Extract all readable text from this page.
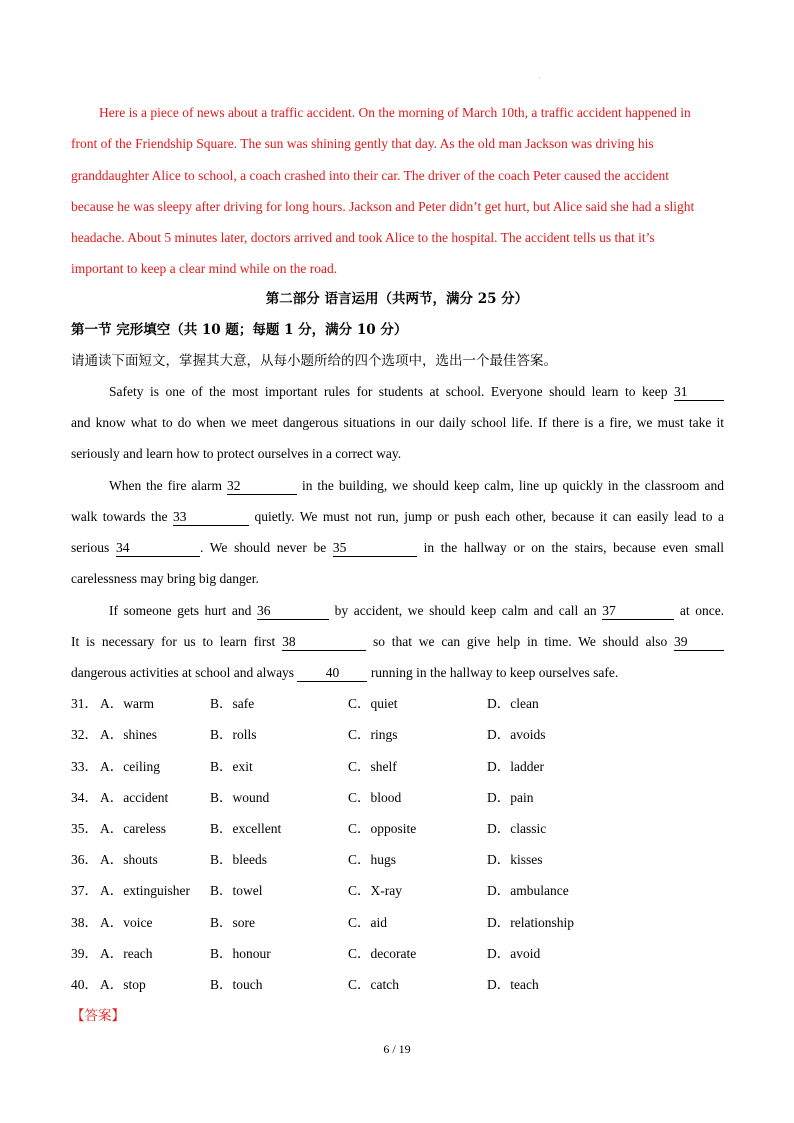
·
Here is a piece of news about a traffic accident. On the morning of March 10th, a traffic accident happened in
front of the Friendship Square. The sun was shining gently that day. As the old man Jackson was driving his
granddaughter Alice to school, a coach crashed into their car. The driver of the coach Peter caused the accident
because he was sleepy after driving for long hours. Jackson and Peter didn’t get hurt, but Alice said she had a slight
headache. About 5 minutes later, doctors arrived and took Alice to the hospital. The accident tells us that it’s
important to keep a clear mind while on the road.
第二部分 语言运用（共两节，满分 25 分）
第一节 完形填空（共 10 题；每题 1 分，满分 10 分）
请通读下面短文，掌握其大意，从每小题所给的四个选项中，选出一个最佳答案。
Safety is one of the most important rules for students at school. Everyone should learn to keep 31
and know what to do when we meet dangerous situations in our daily school life. If there is a fire, we must take it
seriously and learn how to protect ourselves in a correct way.
When the fire alarm 32	in the building, we should keep calm, line up quickly in the classroom and
walk towards the 33	quietly. We must not run, jump or push each other, because it can easily lead to a
serious 34	. We should never be 35	in the hallway or on the stairs, because even small
carelessness may bring big danger.
If someone gets hurt and 36	by accident, we should keep calm and call an 37	at once.
It is necessary for us to learn first 38	so that we can give help in time. We should also 39
dangerous activities at school and always 40 running in the hallway to keep ourselves safe.
31． A．warm	B．safe	C．quiet	D．clean
32． A．shines	B．rolls	C．rings	D．avoids
33． A．ceiling	B．exit	C．shelf	D．ladder
34． A．accident	B．wound	C．blood	D．pain
35． A．careless	B．excellent	C．opposite	D．classic
36． A．shouts	B．bleeds	C．hugs	D．kisses
37． A．extinguisher B．towel	C．X-ray	D．ambulance
38． A．voice	B．sore	C．aid	D．relationship
39． A．reach	B．honour	C．decorate	D．avoid
40． A．stop	B．touch	C．catch	D．teach
【答案】
6 / 19
